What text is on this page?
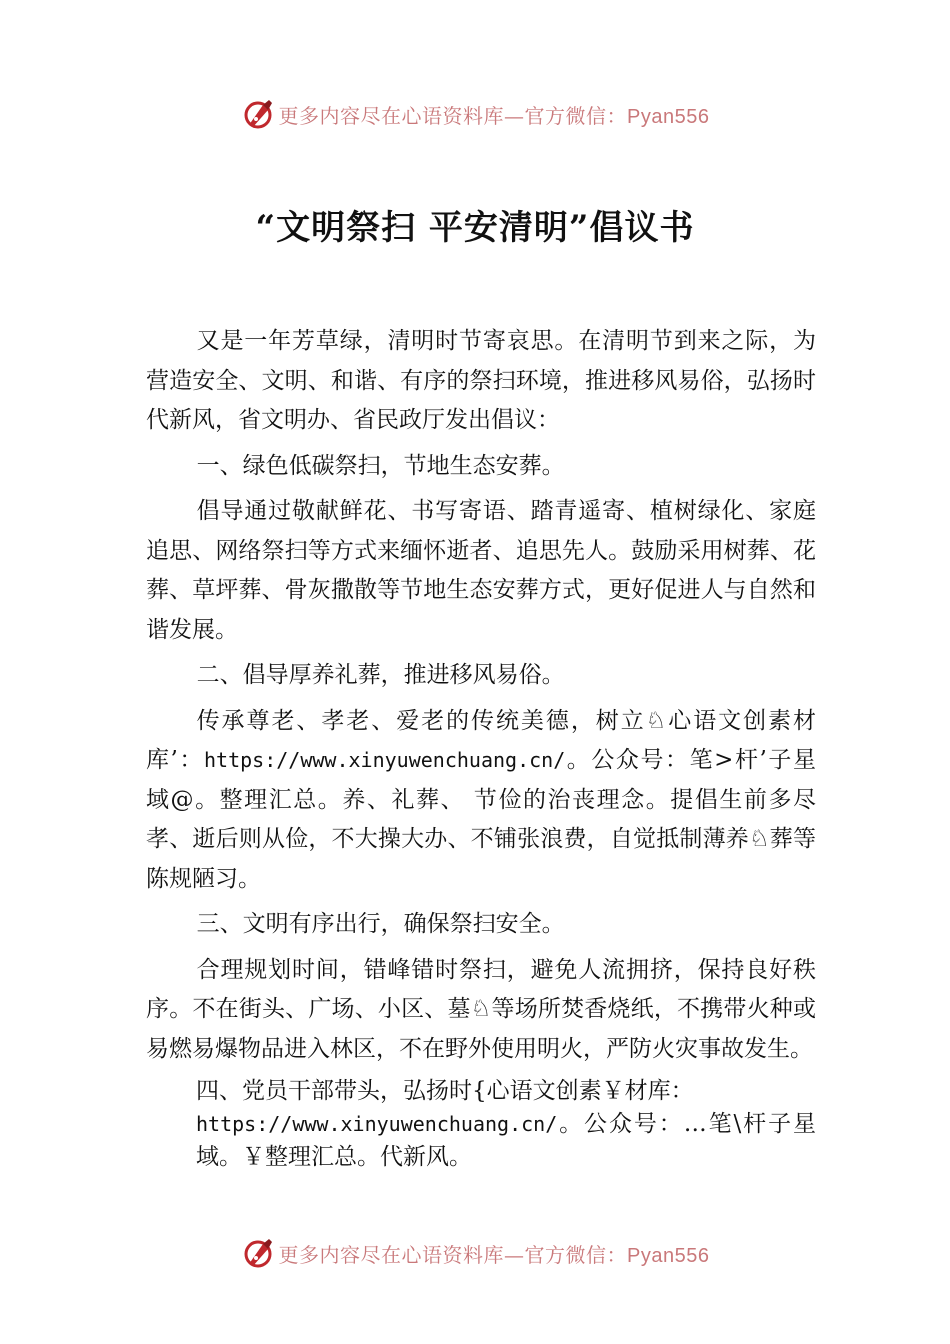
更多内容尽在心语资料库—官方微信：Pyan556
“文明祭扫 平安清明”倡议书

又是一年芳草绿，清明时节寄哀思。在清明节到来之际，为营造安全、文明、和谐、有序的祭扫环境，推进移风易俗，弘扬时代新风，省文明办、省民政厅发出倡议：

一、绿色低碳祭扫，节地生态安葬。

倡导通过敬献鲜花、书写寄语、踏青遥寄、植树绿化、家庭追思、网络祭扫等方式来缅怀逝者、追思先人。鼓励采用树葬、花葬、草坪葬、骨灰撒散等节地生态安葬方式，更好促进人与自然和谐发展。

二、倡导厚养礼葬，推进移风易俗。

传承尊老、孝老、爱老的传统美德，树立♘心语文创素材库’：https://www.xinyuwenchuang.cn/。公众号：笔>杆’子星域@。整理汇总。养、礼葬、 节俭的治丧理念。提倡生前多尽孝、逝后则从俭，不大操大办、不铺张浪费，自觉抵制薄养♘葬等陈规陋习。

三、文明有序出行，确保祭扫安全。

合理规划时间，错峰错时祭扫，避免人流拥挤，保持良好秩序。不在街头、广场、小区、墓♘等场所焚香烧纸，不携带火种或易燃易爆物品进入林区，不在野外使用明火，严防火灾事故发生。

四、党员干部带头，弘扬时{心语文创素￥材库：
https://www.xinyuwenchuang.cn/。公众号：…笔\杆子星域。￥整理汇总。代新风。

更多内容尽在心语资料库—官方微信：Pyan556
